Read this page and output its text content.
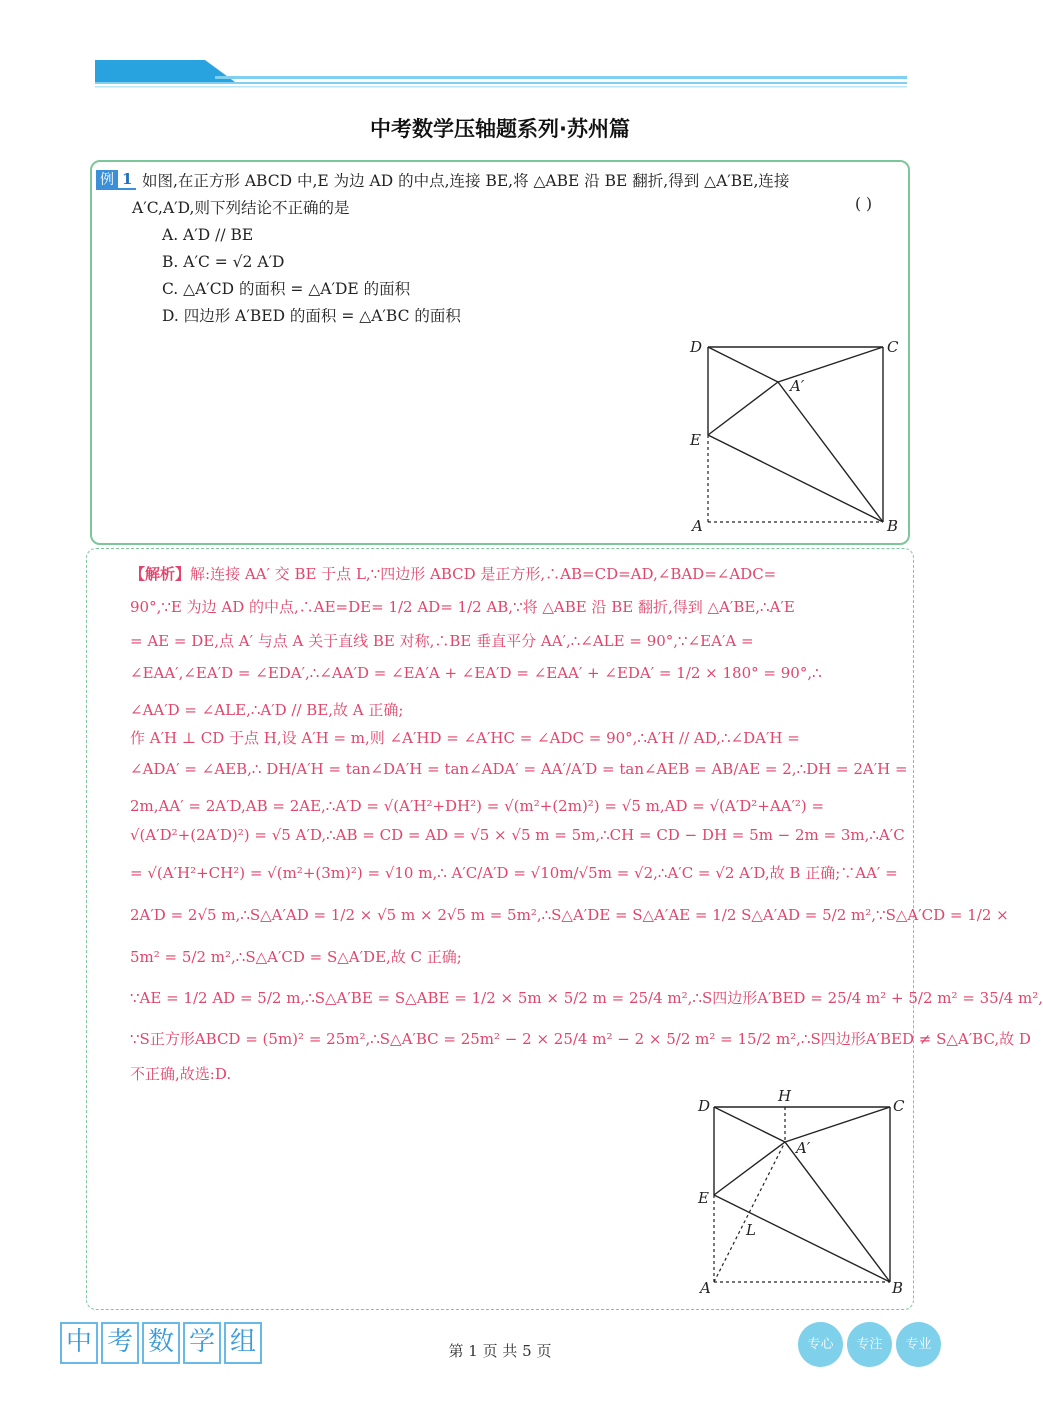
中考数学压轴题系列·苏州篇
例 1 如图,在正方形 ABCD 中,E 为边 AD 的中点,连接 BE,将 △ABE 沿 BE 翻折,得到 △A′BE,连接
A′C,A′D,则下列结论不正确的是	( )
A. A′D // BE
B. A′C = √2 A′D
C. △A′CD 的面积 = △A′DE 的面积
D. 四边形 A′BED 的面积 = △A′BC 的面积
D	C
A′
E
A	B
【解析】解:连接 AA′ 交 BE 于点 L,∵四边形 ABCD 是正方形,∴AB=CD=AD,∠BAD=∠ADC=
90°,∵E 为边 AD 的中点,∴AE=DE= 1/2 AD= 1/2 AB,∵将 △ABE 沿 BE 翻折,得到 △A′BE,∴A′E
= AE = DE,点 A′ 与点 A 关于直线 BE 对称,∴BE 垂直平分 AA′,∴∠ALE = 90°,∵∠EA′A =
∠EAA′,∠EA′D = ∠EDA′,∴∠AA′D = ∠EA′A + ∠EA′D = ∠EAA′ + ∠EDA′ = 1/2 × 180° = 90°,∴
∠AA′D = ∠ALE,∴A′D // BE,故 A 正确;
作 A′H ⊥ CD 于点 H,设 A′H = m,则 ∠A′HD = ∠A′HC = ∠ADC = 90°,∴A′H // AD,∴∠DA′H =
∠ADA′ = ∠AEB,∴ DH/A′H = tan∠DA′H = tan∠ADA′ = AA′/A′D = tan∠AEB = AB/AE = 2,∴DH = 2A′H =
2m,AA′ = 2A′D,AB = 2AE,∴A′D = √(A′H²+DH²) = √(m²+(2m)²) = √5 m,AD = √(A′D²+AA′²) =
√(A′D²+(2A′D)²) = √5 A′D,∴AB = CD = AD = √5 × √5 m = 5m,∴CH = CD − DH = 5m − 2m = 3m,∴A′C
= √(A′H²+CH²) = √(m²+(3m)²) = √10 m,∴ A′C/A′D = √10m/√5m = √2,∴A′C = √2 A′D,故 B 正确;∵AA′ =
2A′D = 2√5 m,∴S△A′AD = 1/2 × √5 m × 2√5 m = 5m²,∴S△A′DE = S△A′AE = 1/2 S△A′AD = 5/2 m²,∵S△A′CD = 1/2 ×
5m² = 5/2 m²,∴S△A′CD = S△A′DE,故 C 正确;
∵AE = 1/2 AD = 5/2 m,∴S△A′BE = S△ABE = 1/2 × 5m × 5/2 m = 25/4 m²,∴S四边形A′BED = 25/4 m² + 5/2 m² = 35/4 m²,
∵S正方形ABCD = (5m)² = 25m²,∴S△A′BC = 25m² − 2 × 25/4 m² − 2 × 5/2 m² = 15/2 m²,∴S四边形A′BED ≠ S△A′BC,故 D
不正确,故选:D.
D
H
C
A′
E
L
A	B
中 考 数 学 组	第 1 页 共 5 页	专心	专注	专业
